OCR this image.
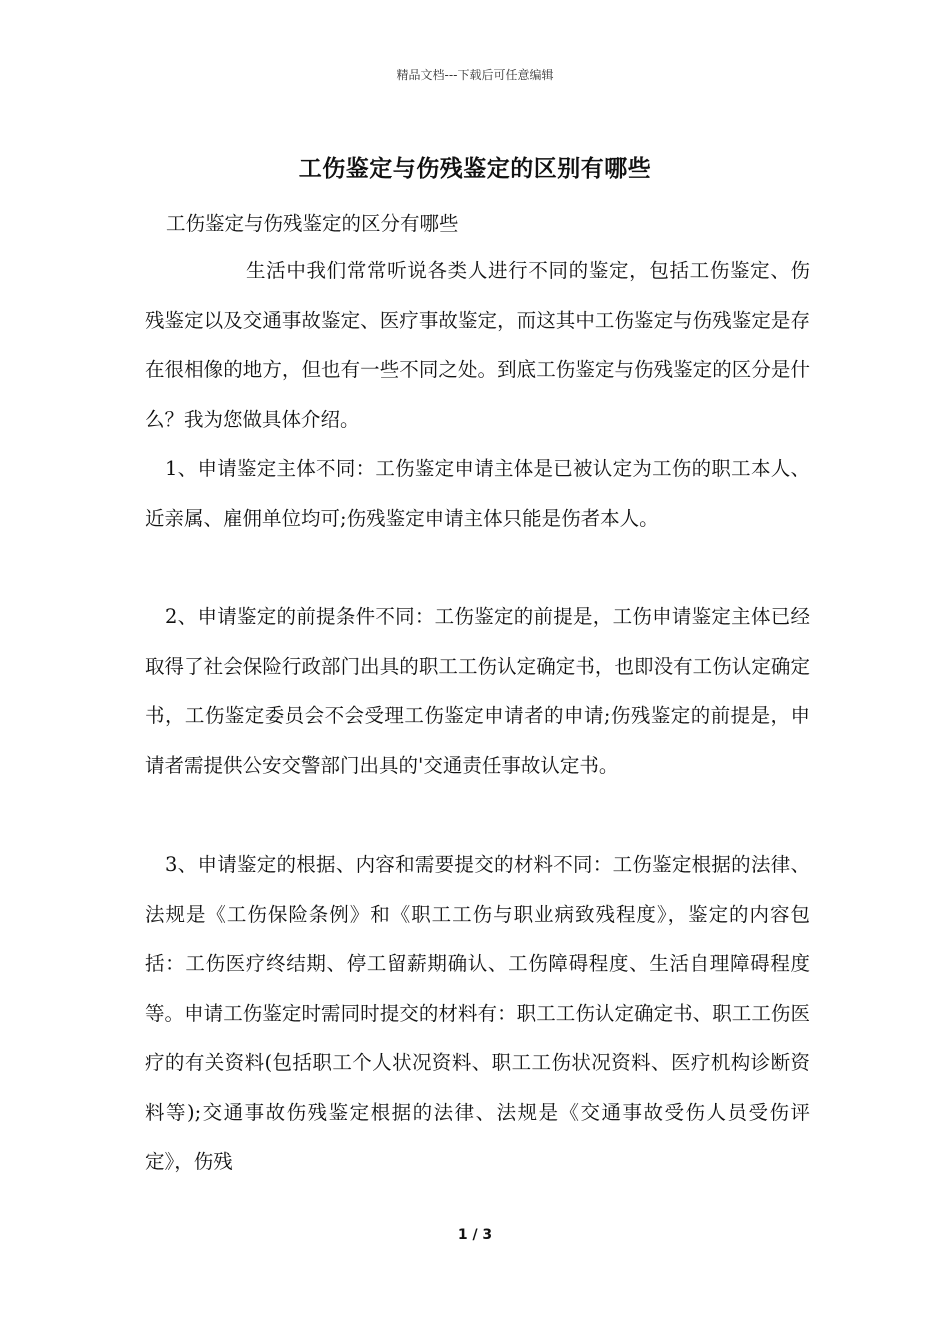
精品文档---下载后可任意编辑
工伤鉴定与伤残鉴定的区别有哪些
工伤鉴定与伤残鉴定的区分有哪些
生活中我们常常听说各类人进行不同的鉴定，包括工伤鉴定、伤残鉴定以及交通事故鉴定、医疗事故鉴定，而这其中工伤鉴定与伤残鉴定是存在很相像的地方，但也有一些不同之处。到底工伤鉴定与伤残鉴定的区分是什么？我为您做具体介绍。
1、申请鉴定主体不同：工伤鉴定申请主体是已被认定为工伤的职工本人、近亲属、雇佣单位均可;伤残鉴定申请主体只能是伤者本人。
2、申请鉴定的前提条件不同：工伤鉴定的前提是，工伤申请鉴定主体已经取得了社会保险行政部门出具的职工工伤认定确定书，也即没有工伤认定确定书，工伤鉴定委员会不会受理工伤鉴定申请者的申请;伤残鉴定的前提是，申请者需提供公安交警部门出具的'交通责任事故认定书。
3、申请鉴定的根据、内容和需要提交的材料不同：工伤鉴定根据的法律、法规是《工伤保险条例》和《职工工伤与职业病致残程度》，鉴定的内容包括：工伤医疗终结期、停工留薪期确认、工伤障碍程度、生活自理障碍程度等。申请工伤鉴定时需同时提交的材料有：职工工伤认定确定书、职工工伤医疗的有关资料(包括职工个人状况资料、职工工伤状况资料、医疗机构诊断资料等);交通事故伤残鉴定根据的法律、法规是《交通事故受伤人员受伤评定》，伤残
1 / 3
